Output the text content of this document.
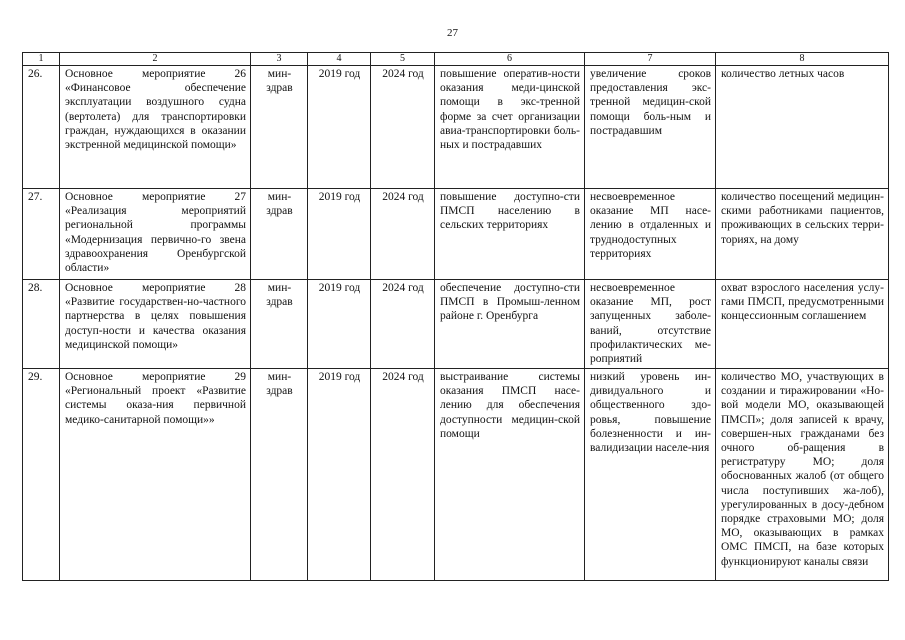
27
1	2	3	4	5	6	7	8
26.	Основное мероприятие 26 «Финансовое обеспечение эксплуатации воздушного судна (вертолета) для транспортировки граждан, нуждающихся в оказании экстренной медицинской помощи»	мин-здрав	2019 год	2024 год	повышение оператив-ности оказания меди-цинской помощи в экс-тренной форме за счет организации авиа-транспортировки боль-ных и пострадавших	увеличение сроков предоставления экс-тренной медицин-ской помощи боль-ным и пострадавшим	количество летных часов
27.	Основное мероприятие 27 «Реализация мероприятий региональной программы «Модернизация первично-го звена здравоохранения Оренбургской области»	мин-здрав	2019 год	2024 год	повышение доступно-сти ПМСП населению в сельских территориях	несвоевременное оказание МП насе-лению в отдаленных и труднодоступных территориях	количество посещений медицин-скими работниками пациентов, проживающих в сельских терри-ториях, на дому
28.	Основное мероприятие 28 «Развитие государствен-но-частного партнерства в целях повышения доступ-ности и качества оказания медицинской помощи»	мин-здрав	2019 год	2024 год	обеспечение доступно-сти ПМСП в Промыш-ленном районе г. Оренбурга	несвоевременное оказание МП, рост запущенных заболе-ваний, отсутствие профилактических ме-роприятий	охват взрослого населения услу-гами ПМСП, предусмотренными концессионным соглашением
29.	Основное мероприятие 29 «Региональный проект «Развитие системы оказа-ния первичной медико-санитарной помощи»»	мин-здрав	2019 год	2024 год	выстраивание системы оказания ПМСП насе-лению для обеспечения доступности медицин-ской помощи	низкий уровень ин-дивидуального и общественного здо-ровья, повышение болезненности и ин-валидизации населе-ния	количество МО, участвующих в создании и тиражировании «Но-вой модели МО, оказывающей ПМСП»; доля записей к врачу, совершен-ных гражданами без очного об-ращения в регистратуру МО; доля обоснованных жалоб (от общего числа поступивших жа-лоб), урегулированных в досу-дебном порядке страховыми МО; доля МО, оказывающих в рамках ОМС ПМСП, на базе которых функционируют каналы связи
